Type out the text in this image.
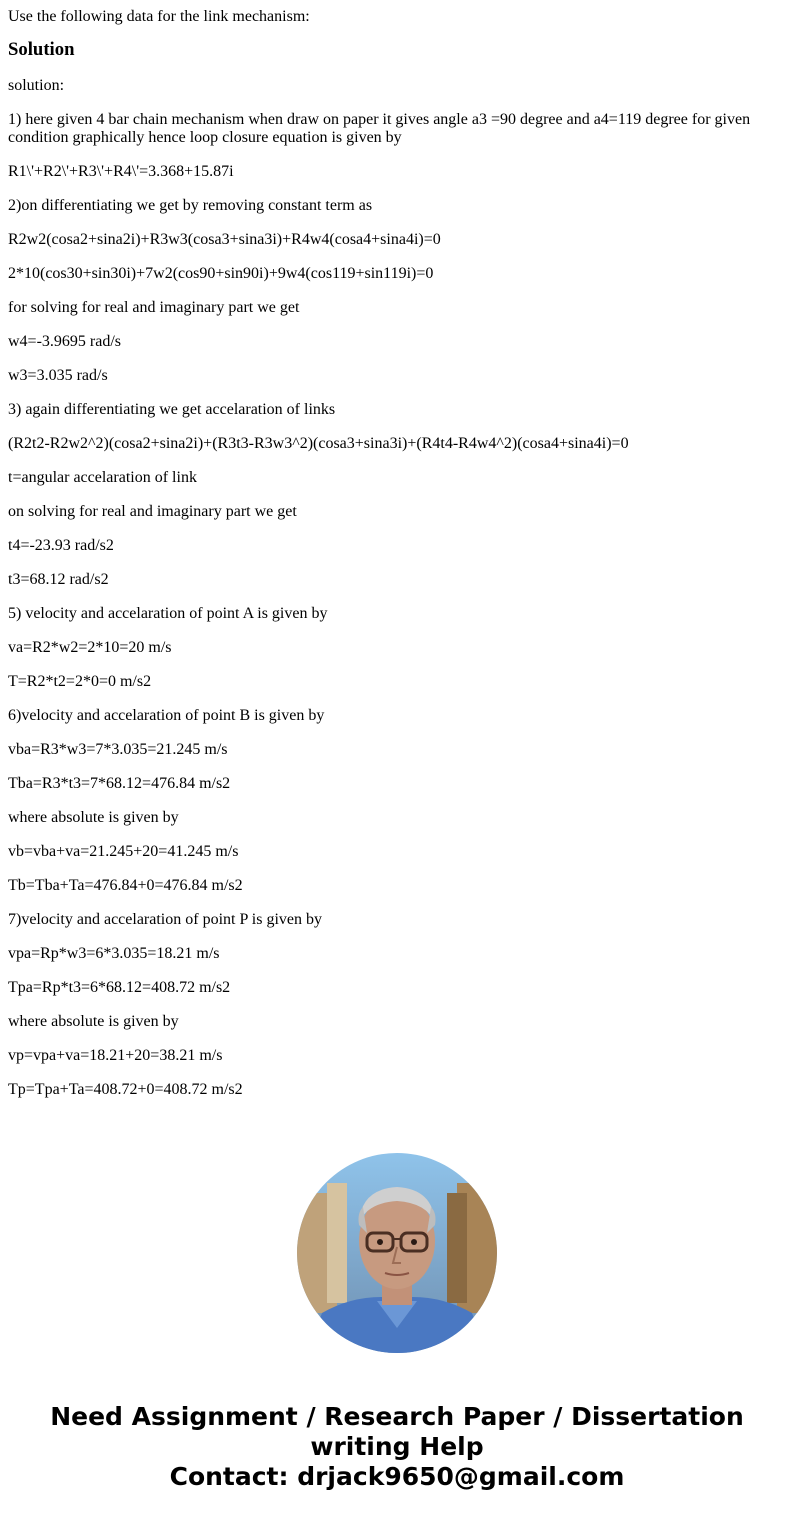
Use the following data for the link mechanism:

Solution

solution:

1) here given 4 bar chain mechanism when draw on paper it gives angle a3 =90 degree and a4=119 degree for given condition graphically hence loop closure equation is given by

R1\'+R2\'+R3\'+R4\'=3.368+15.87i

2)on differentiating we get by removing constant term as

R2w2(cosa2+sina2i)+R3w3(cosa3+sina3i)+R4w4(cosa4+sina4i)=0

2*10(cos30+sin30i)+7w2(cos90+sin90i)+9w4(cos119+sin119i)=0

for solving for real and imaginary part we get

w4=-3.9695 rad/s

w3=3.035 rad/s

3) again differentiating we get accelaration of links

(R2t2-R2w2^2)(cosa2+sina2i)+(R3t3-R3w3^2)(cosa3+sina3i)+(R4t4-R4w4^2)(cosa4+sina4i)=0

t=angular accelaration of link

on solving for real and imaginary part we get

t4=-23.93 rad/s2

t3=68.12 rad/s2

5) velocity and accelaration of point A is given by

va=R2*w2=2*10=20 m/s

T=R2*t2=2*0=0 m/s2

6)velocity and accelaration of point B is given by

vba=R3*w3=7*3.035=21.245 m/s

Tba=R3*t3=7*68.12=476.84 m/s2

where absolute is given by

vb=vba+va=21.245+20=41.245 m/s

Tb=Tba+Ta=476.84+0=476.84 m/s2

7)velocity and accelaration of point P is given by

vpa=Rp*w3=6*3.035=18.21 m/s

Tpa=Rp*t3=6*68.12=408.72 m/s2

where absolute is given by

vp=vpa+va=18.21+20=38.21 m/s

Tp=Tpa+Ta=408.72+0=408.72 m/s2

Need Assignment / Research Paper / Dissertation
writing Help
Contact: drjack9650@gmail.com
